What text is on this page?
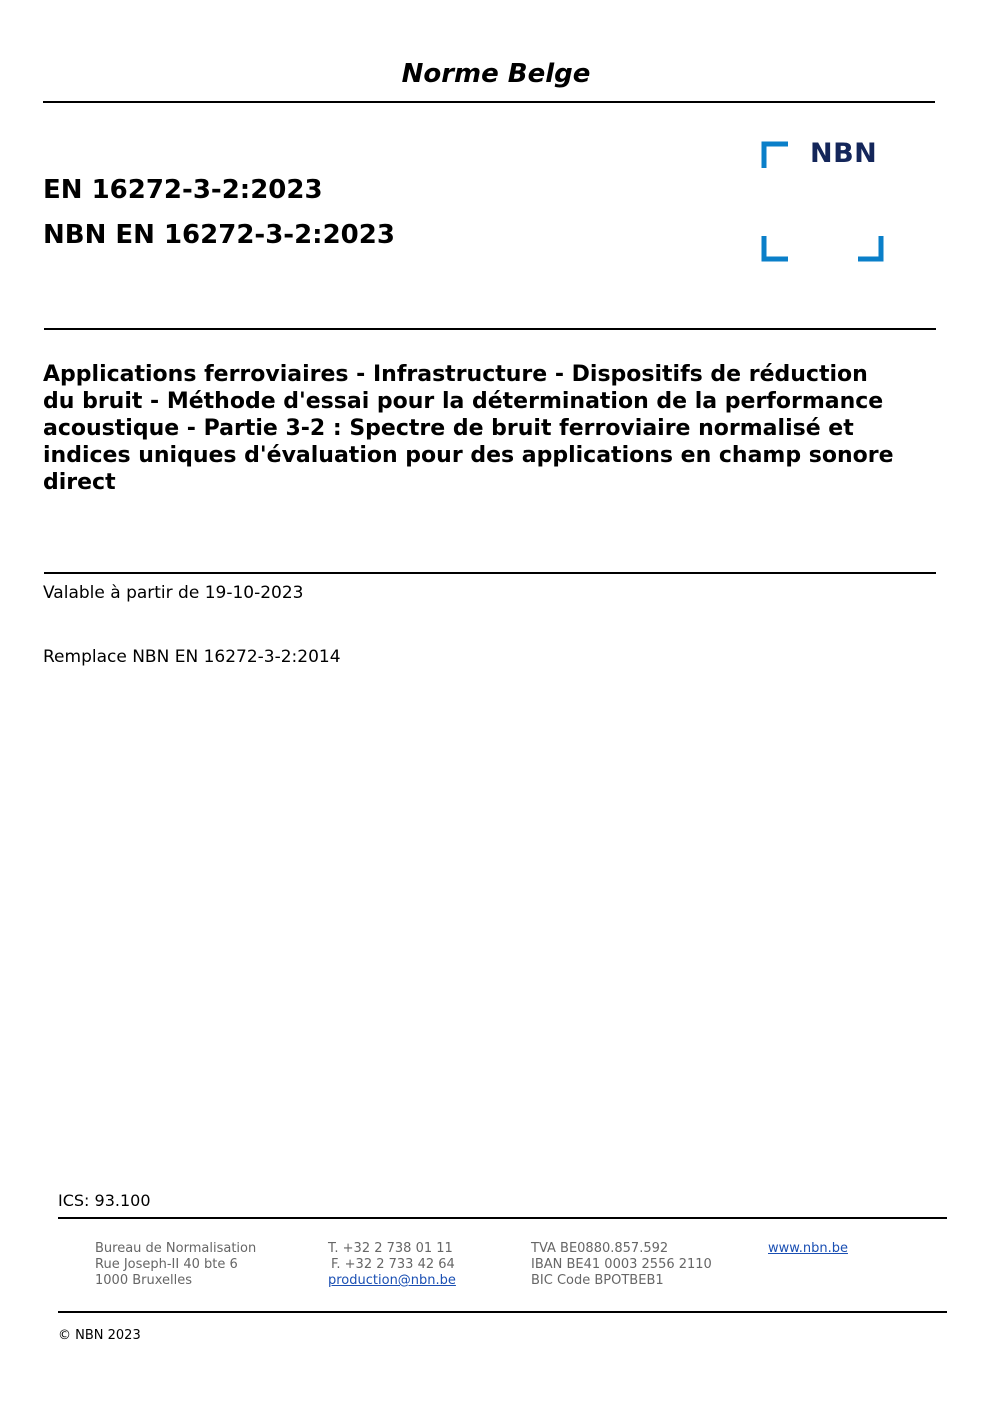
Norme Belge
EN 16272-3-2:2023
NBN EN 16272-3-2:2023
NBN
Applications ferroviaires - Infrastructure - Dispositifs de réduction du bruit - Méthode d'essai pour la détermination de la performance acoustique - Partie 3-2 : Spectre de bruit ferroviaire normalisé et indices uniques d'évaluation pour des applications en champ sonore direct
Valable à partir de 19-10-2023
Remplace NBN EN 16272-3-2:2014
ICS: 93.100
Bureau de Normalisation
Rue Joseph-II 40 bte 6
1000 Bruxelles
T. +32 2 738 01 11
F. +32 2 733 42 64
production@nbn.be
TVA BE0880.857.592
IBAN BE41 0003 2556 2110
BIC Code BPOTBEB1
www.nbn.be
© NBN 2023
